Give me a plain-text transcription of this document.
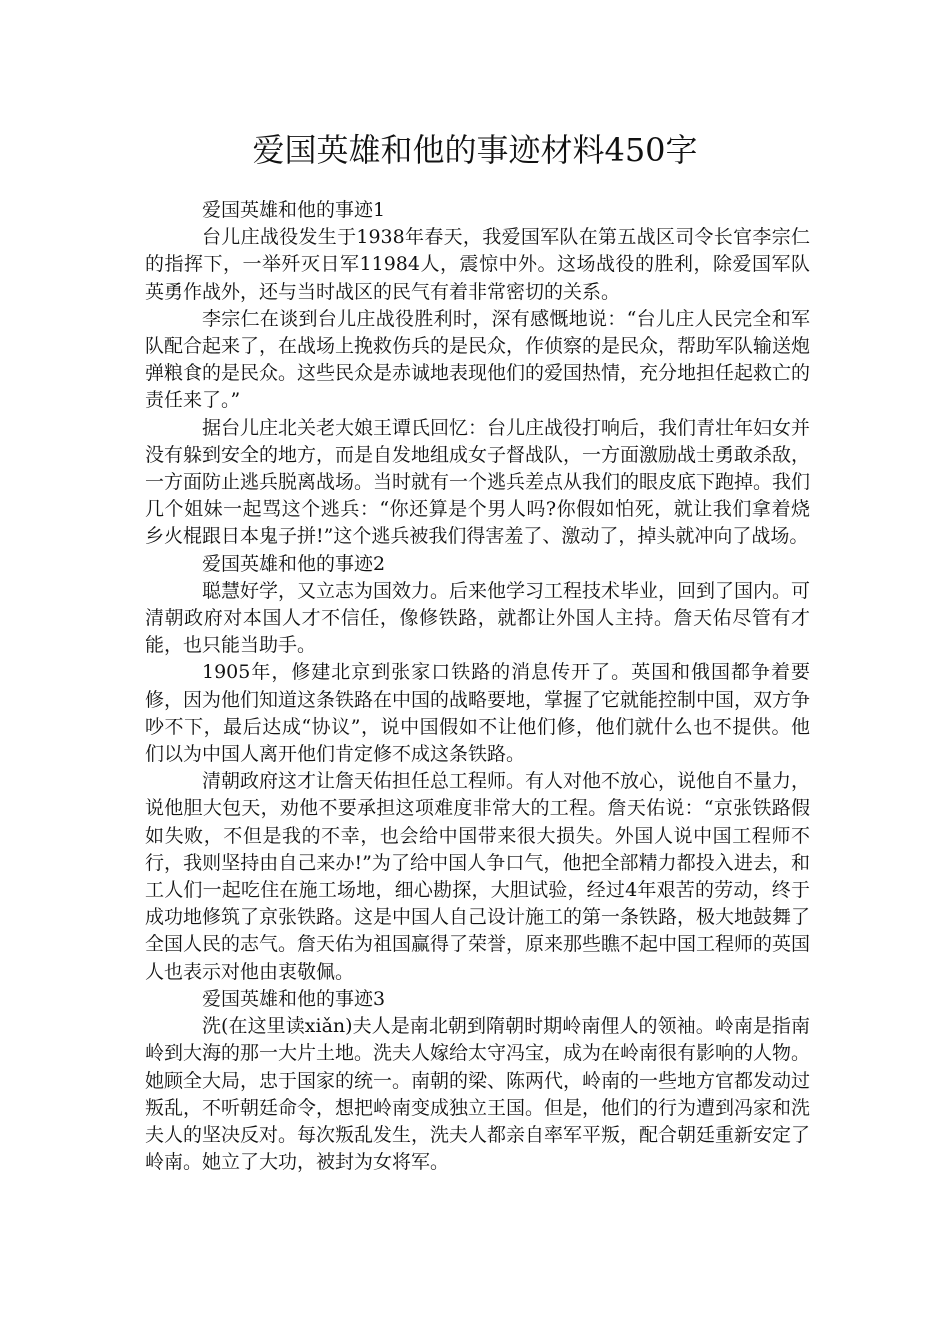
爱国英雄和他的事迹材料450字

爱国英雄和他的事迹1

台儿庄战役发生于1938年春天，我爱国军队在第五战区司令长官李宗仁的指挥下，一举歼灭日军11984人，震惊中外。这场战役的胜利，除爱国军队英勇作战外，还与当时战区的民气有着非常密切的关系。

李宗仁在谈到台儿庄战役胜利时，深有感慨地说：“台儿庄人民完全和军队配合起来了，在战场上挽救伤兵的是民众，作侦察的是民众，帮助军队输送炮弹粮食的是民众。这些民众是赤诚地表现他们的爱国热情，充分地担任起救亡的责任来了。”

据台儿庄北关老大娘王谭氏回忆：台儿庄战役打响后，我们青壮年妇女并没有躲到安全的地方，而是自发地组成女子督战队，一方面激励战士勇敢杀敌，一方面防止逃兵脱离战场。当时就有一个逃兵差点从我们的眼皮底下跑掉。我们几个姐妹一起骂这个逃兵：“你还算是个男人吗?你假如怕死，就让我们拿着烧乡火棍跟日本鬼子拼!”这个逃兵被我们得害羞了、激动了，掉头就冲向了战场。

爱国英雄和他的事迹2

聪慧好学，又立志为国效力。后来他学习工程技术毕业，回到了国内。可清朝政府对本国人才不信任，像修铁路，就都让外国人主持。詹天佑尽管有才能，也只能当助手。

1905年，修建北京到张家口铁路的消息传开了。英国和俄国都争着要修，因为他们知道这条铁路在中国的战略要地，掌握了它就能控制中国，双方争吵不下，最后达成“协议”，说中国假如不让他们修，他们就什么也不提供。他们以为中国人离开他们肯定修不成这条铁路。

清朝政府这才让詹天佑担任总工程师。有人对他不放心，说他自不量力，说他胆大包天，劝他不要承担这项难度非常大的工程。詹天佑说：“京张铁路假如失败，不但是我的不幸，也会给中国带来很大损失。外国人说中国工程师不行，我则坚持由自己来办!”为了给中国人争口气，他把全部精力都投入进去，和工人们一起吃住在施工场地，细心勘探，大胆试验，经过4年艰苦的劳动，终于成功地修筑了京张铁路。这是中国人自己设计施工的第一条铁路，极大地鼓舞了全国人民的志气。詹天佑为祖国赢得了荣誉，原来那些瞧不起中国工程师的英国人也表示对他由衷敬佩。

爱国英雄和他的事迹3

洗(在这里读xiǎn)夫人是南北朝到隋朝时期岭南俚人的领袖。岭南是指南岭到大海的那一大片土地。洗夫人嫁给太守冯宝，成为在岭南很有影响的人物。她顾全大局，忠于国家的统一。南朝的梁、陈两代，岭南的一些地方官都发动过叛乱，不听朝廷命令，想把岭南变成独立王国。但是，他们的行为遭到冯家和洗夫人的坚决反对。每次叛乱发生，洗夫人都亲自率军平叛，配合朝廷重新安定了岭南。她立了大功，被封为女将军。
